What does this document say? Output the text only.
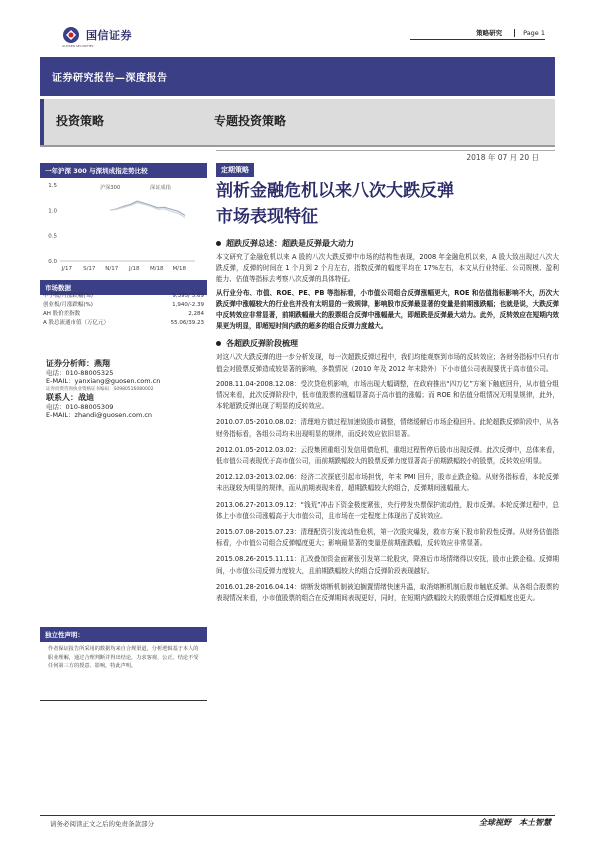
国信证券
GUOSEN SECURITIES
策略研究	Page 1
证券研究报告—深度报告
投资策略	专题投资策略
2018 年 07 月 20 日
一年沪深 300 与深圳成指走势比较
1.5
1.0
0.5
0.0
J/17 S/17 N/17 J/18 M/18 M/18
沪深300	深证成指
市场数据
中小板/月涨跌幅(%)	9,395/ 5.69
创业板/月涨跌幅(%)	1,940/-2.39
AH 股价差指数	2,284
A 股总流通市值（万亿元）	55.06/39.23
证券分析师：燕翔
电话：010-88005325
E-MAIL：yanxiang@guosen.com.cn
证券投资咨询执业资格证书编码：S0980516080002
联系人：战迪
电话：010-88005309
E-MAIL：zhandi@guosen.com.cn
独立性声明：
作者保证报告所采用的数据均来自合规渠道，分析逻辑基于本人的职业理解，通过合理判断并得出结论，力求客观、公正。结论不受任何第三方的授意、影响，特此声明。
定期策略
剖析金融危机以来八次大跌反弹
市场表现特征
超跌反弹总述：超跌是反弹最大动力
本文研究了金融危机以来 A 股的八次大跌反弹中市场的结构性表现，2008 年金融危机以来，A 股大致出现过八次大跌反弹，反弹的时间在 1 个月到 2 个月左右，指数反弹的幅度平均在 17%左右，本文从行业特征、公司规模、盈利能力、估值等指标去考察八次反弹的具体特征。
从行业分布、市值、ROE、PE、PB 等指标看，小市值公司组合反弹涨幅更大，ROE 和估值指标影响不大，历次大跌反弹中涨幅较大的行业也并没有太明显的一致规律，影响股市反弹最显著的变量是前期涨跌幅；也就是说，大跌反弹中反转效应非常显著，前期跌幅最大的股票组合反弹中涨幅最大，即超跌是反弹最大动力。此外，反转效应在短期内效果更为明显，即超短时间内跌的超多的组合反弹力度越大。
各超跌反弹阶段梳理
对这八次大跌反弹的进一步分析发现，每一次超跌反弹过程中，我们均能观察到市场的反转效应；各财务指标中只有市值会对股票反弹造成较显著的影响，多数情况（2010 年及 2012 年末除外）下小市值公司表现要优于高市值公司。
2008.11.04-2008.12.08：受次贷危机影响，市场出现大幅调整，在政府推出“四万亿”方案下触底回升，从市值分组情况来看，此次反弹阶段中，低市值股票的涨幅显著高于高市值的涨幅；而 ROE 和估值分组情况无明显规律，此外，本轮超跌反弹出现了明显的反转效应。
2010.07.05-2010.08.02：清理地方债过程加速致股市调整，情绪缓解后市场企稳回升。此轮超跌反弹阶段中，从各财务指标看，各组公司均未出现明显的规律，而反转效应依旧显著。
2012.01.05-2012.03.02：云投集团重组引发信用债危机，重组过程暂停后股市出现反弹。此次反弹中，总体来看，低市值公司表现优于高市值公司，而前期跌幅较大的股票反弹力度显著高于前期跌幅较小的股票，反转效应明显。
2012.12.03-2013.02.06：经济二次探底引起市场担忧，年末 PMI 回升，股市止跌企稳。从财务指标看，本轮反弹未出现较为明显的规律，而从前期表现来看，超期跌幅较大的组合，反弹期间涨幅最大。
2013.06.27-2013.09.12：“钱荒”冲击下资金极度紧张，央行停发央票保护流动性，股市反弹。本轮反弹过程中，总体上小市值公司涨幅高于大市值公司，且市场在一定程度上体现出了反转效应。
2015.07.08-2015.07.23：清理配资引发流动性危机，第一次股灾爆发，救市方案下股市阶段性反弹。从财务估值指标看，小市值公司组合反弹幅度更大；影响最显著的变量是前期涨跌幅，反转效应非常显著。
2015.08.26-2015.11.11：汇改叠加资金面紧张引发第二轮股灾，降准后市场情绪得以安抚，股市止跌企稳。反弹期间，小市值公司反弹力度较大，且前期跌幅较大的组合反弹阶段表现越好。
2016.01.28-2016.04.14：熔断发熔断机制被迫搁置情绪快速升温，取消熔断机制后股市触底反弹。从各组合股票的表现情况来看，小市值股票的组合在反弹期间表现更好，同时，在短期内跌幅较大的股票组合反弹幅度也更大。
请务必阅读正文之后的免责条款部分	全球视野　本土智慧
